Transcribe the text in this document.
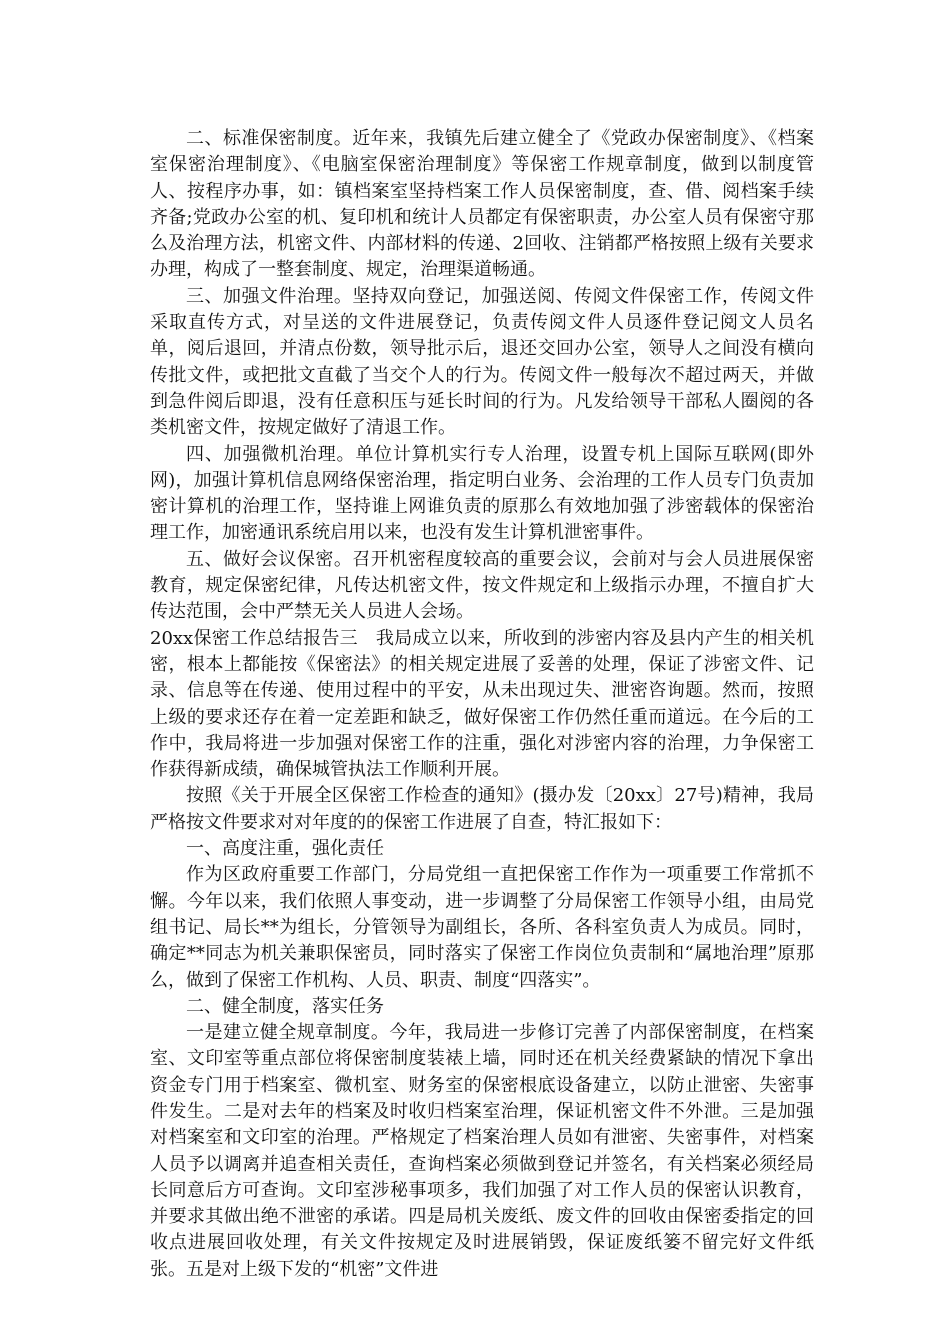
二、标准保密制度。近年来，我镇先后建立健全了《党政办保密制度》、《档案室保密治理制度》、《电脑室保密治理制度》等保密工作规章制度，做到以制度管人、按程序办事，如：镇档案室坚持档案工作人员保密制度，查、借、阅档案手续齐备;党政办公室的机、复印机和统计人员都定有保密职责，办公室人员有保密守那么及治理方法，机密文件、内部材料的传递、2回收、注销都严格按照上级有关要求办理，构成了一整套制度、规定，治理渠道畅通。

三、加强文件治理。坚持双向登记，加强送阅、传阅文件保密工作，传阅文件采取直传方式，对呈送的文件进展登记，负责传阅文件人员逐件登记阅文人员名单，阅后退回，并清点份数，领导批示后，退还交回办公室，领导人之间没有横向传批文件，或把批文直截了当交个人的行为。传阅文件一般每次不超过两天，并做到急件阅后即退，没有任意积压与延长时间的行为。凡发给领导干部私人圈阅的各类机密文件，按规定做好了清退工作。

四、加强微机治理。单位计算机实行专人治理，设置专机上国际互联网(即外网)，加强计算机信息网络保密治理，指定明白业务、会治理的工作人员专门负责加密计算机的治理工作，坚持谁上网谁负责的原那么有效地加强了涉密载体的保密治理工作，加密通讯系统启用以来，也没有发生计算机泄密事件。

五、做好会议保密。召开机密程度较高的重要会议，会前对与会人员进展保密教育，规定保密纪律，凡传达机密文件，按文件规定和上级指示办理，不擅自扩大传达范围，会中严禁无关人员进人会场。

20xx保密工作总结报告三 我局成立以来，所收到的涉密内容及县内产生的相关机密，根本上都能按《保密法》的相关规定进展了妥善的处理，保证了涉密文件、记录、信息等在传递、使用过程中的平安，从未出现过失、泄密咨询题。然而，按照上级的要求还存在着一定差距和缺乏，做好保密工作仍然任重而道远。在今后的工作中，我局将进一步加强对保密工作的注重，强化对涉密内容的治理，力争保密工作获得新成绩，确保城管执法工作顺利开展。

按照《关于开展全区保密工作检查的通知》(摄办发〔20xx〕27号)精神，我局严格按文件要求对对年度的的保密工作进展了自查，特汇报如下：

一、高度注重，强化责任

作为区政府重要工作部门，分局党组一直把保密工作作为一项重要工作常抓不懈。今年以来，我们依照人事变动，进一步调整了分局保密工作领导小组，由局党组书记、局长**为组长，分管领导为副组长，各所、各科室负责人为成员。同时，确定**同志为机关兼职保密员，同时落实了保密工作岗位负责制和“属地治理”原那么，做到了保密工作机构、人员、职责、制度“四落实”。

二、健全制度，落实任务

一是建立健全规章制度。今年，我局进一步修订完善了内部保密制度，在档案室、文印室等重点部位将保密制度装裱上墙，同时还在机关经费紧缺的情况下拿出资金专门用于档案室、微机室、财务室的保密根底设备建立，以防止泄密、失密事件发生。二是对去年的档案及时收归档案室治理，保证机密文件不外泄。三是加强对档案室和文印室的治理。严格规定了档案治理人员如有泄密、失密事件，对档案人员予以调离并追查相关责任，查询档案必须做到登记并签名，有关档案必须经局长同意后方可查询。文印室涉秘事项多，我们加强了对工作人员的保密认识教育，并要求其做出绝不泄密的承诺。四是局机关废纸、废文件的回收由保密委指定的回收点进展回收处理，有关文件按规定及时进展销毁，保证废纸篓不留完好文件纸张。五是对上级下发的“机密”文件进
